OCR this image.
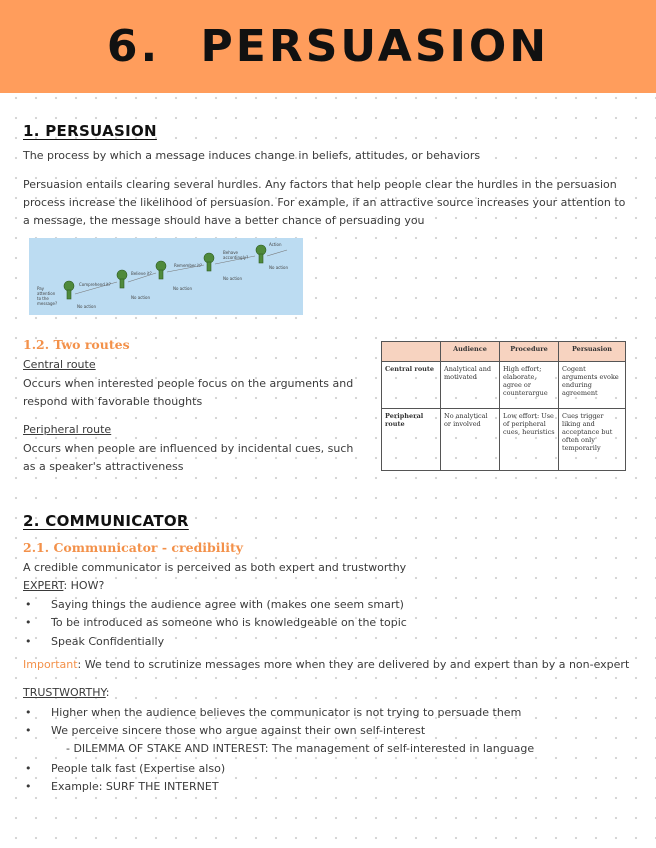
6. PERSUASION
1. PERSUASION
The process by which a message induces change in beliefs, attitudes, or behaviors
Persuasion entails clearing several hurdles. Any factors that help people clear the hurdles in the persuasion
process increase the likelihood of persuasion. For example, if an attractive source increases your attention to
a message, the message should have a better chance of persuading you
Pay
attention
to the
message?
Comprehend it?
Believe it?
Remember it?
Behave
accordingly?
Action
No action
No action
No action
No action
No action
1.2. Two routes
Central route
Occurs when interested people focus on the arguments and
respond with favorable thoughts
Peripheral route
Occurs when people are influenced by incidental cues, such
as a speaker's attractiveness
	Audience	Procedure	Persuasion
Central route	Analytical and motivated	High effort; elaborate, agree or counterargue	Cogent arguments evoke enduring agreement
Peripheral route	No analytical or involved	Low effort: Use of peripheral cues, heuristics	Cues trigger liking and acceptance but often only temporarily
2. COMMUNICATOR
2.1. Communicator - credibility
A credible communicator is perceived as both expert and trustworthy
EXPERT: HOW?
• Saying things the audience agree with (makes one seem smart)
• To be introduced as someone who is knowledgeable on the topic
• Speak Confidentially
Important: We tend to scrutinize messages more when they are delivered by and expert than by a non-expert
TRUSTWORTHY:
• Higher when the audience believes the communicator is not trying to persuade them
• We perceive sincere those who argue against their own self-interest
- DILEMMA OF STAKE AND INTEREST: The management of self-interested in language
• People talk fast (Expertise also)
• Example: SURF THE INTERNET
